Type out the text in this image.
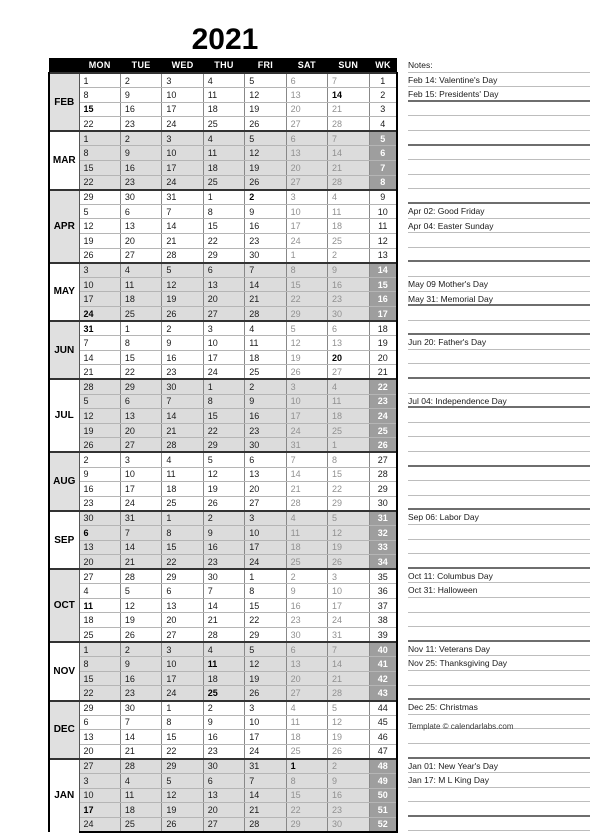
2021
	MON	TUE	WED	THU	FRI	SAT	SUN	WK
FEB	1	2	3	4	5	6	7	1
	8	9	10	11	12	13	14	2
	15	16	17	18	19	20	21	3
	22	23	24	25	26	27	28	4
MAR	1	2	3	4	5	6	7	5
	8	9	10	11	12	13	14	6
	15	16	17	18	19	20	21	7
	22	23	24	25	26	27	28	8
APR	29	30	31	1	2	3	4	9
	5	6	7	8	9	10	11	10
	12	13	14	15	16	17	18	11
	19	20	21	22	23	24	25	12
	26	27	28	29	30	1	2	13
MAY	3	4	5	6	7	8	9	14
	10	11	12	13	14	15	16	15
	17	18	19	20	21	22	23	16
	24	25	26	27	28	29	30	17
JUN	31	1	2	3	4	5	6	18
	7	8	9	10	11	12	13	19
	14	15	16	17	18	19	20	20
	21	22	23	24	25	26	27	21
JUL	28	29	30	1	2	3	4	22
	5	6	7	8	9	10	11	23
	12	13	14	15	16	17	18	24
	19	20	21	22	23	24	25	25
	26	27	28	29	30	31	1	26
AUG	2	3	4	5	6	7	8	27
	9	10	11	12	13	14	15	28
	16	17	18	19	20	21	22	29
	23	24	25	26	27	28	29	30
SEP	30	31	1	2	3	4	5	31
	6	7	8	9	10	11	12	32
	13	14	15	16	17	18	19	33
	20	21	22	23	24	25	26	34
OCT	27	28	29	30	1	2	3	35
	4	5	6	7	8	9	10	36
	11	12	13	14	15	16	17	37
	18	19	20	21	22	23	24	38
	25	26	27	28	29	30	31	39
NOV	1	2	3	4	5	6	7	40
	8	9	10	11	12	13	14	41
	15	16	17	18	19	20	21	42
	22	23	24	25	26	27	28	43
DEC	29	30	1	2	3	4	5	44
	6	7	8	9	10	11	12	45
	13	14	15	16	17	18	19	46
	20	21	22	23	24	25	26	47
JAN	27	28	29	30	31	1	2	48
	3	4	5	6	7	8	9	49
	10	11	12	13	14	15	16	50
	17	18	19	20	21	22	23	51
	24	25	26	27	28	29	30	52
Notes:
Feb 14: Valentine's Day
Feb 15: Presidents' Day
Apr 02: Good Friday
Apr 04: Easter Sunday
May 09 Mother's Day
May 31: Memorial Day
Jun 20: Father's Day
Jul 04: Independence Day
Sep 06: Labor Day
Oct 11: Columbus Day
Oct 31: Halloween
Nov 11: Veterans Day
Nov 25: Thanksgiving Day
Dec 25: Christmas
Jan 01: New Year's Day
Jan 17: M L King Day
Template © calendarlabs.com
